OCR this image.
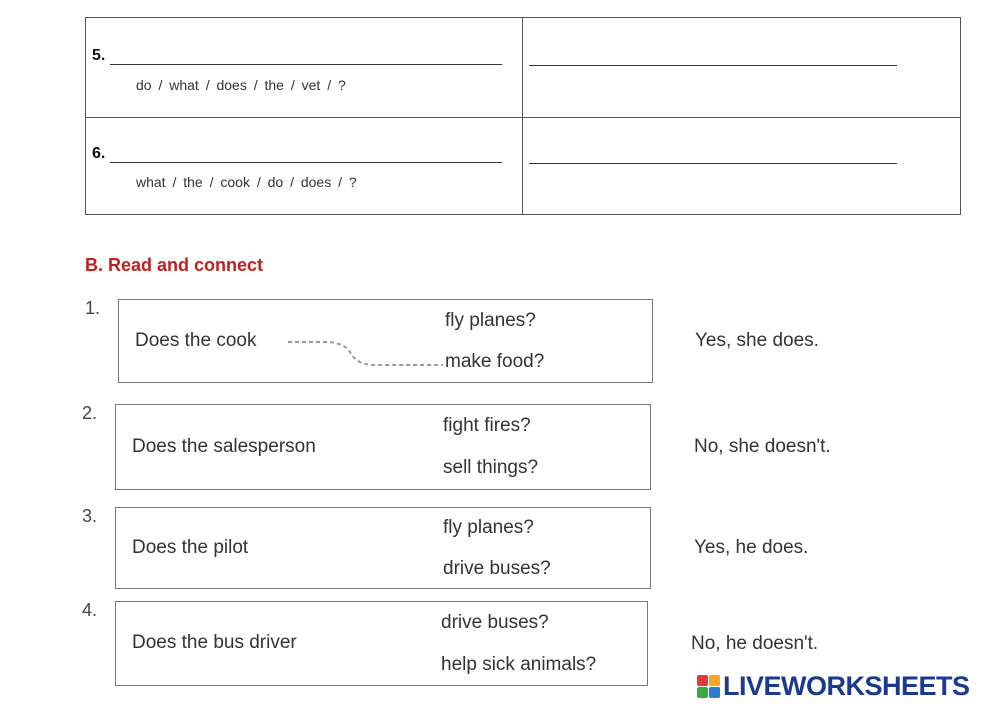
5.
do / what / does / the / vet / ?
6.
what / the / cook / do / does / ?
B. Read and connect
1.
Does the cook
fly planes?
make food?
Yes, she does.
2.
Does the salesperson
fight fires?
sell things?
No, she doesn't.
3.
Does the pilot
fly planes?
drive buses?
Yes, he does.
4.
Does the bus driver
drive buses?
help sick animals?
No, he doesn't.
LIVEWORKSHEETS
